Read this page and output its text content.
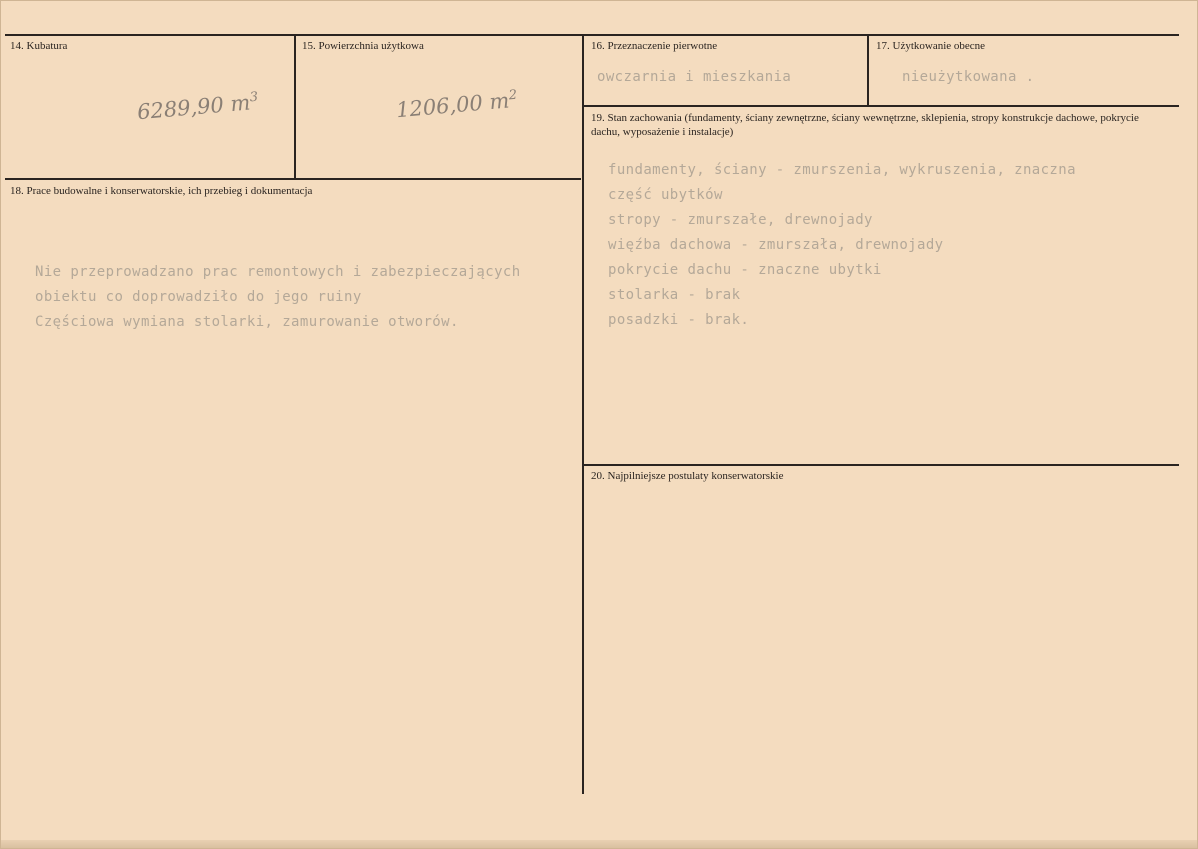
14. Kubatura
6289,90 $m^3$
15. Powierzchnia użytkowa
1206,00 $m^2$
16. Przeznaczenie pierwotne
owczarnia i mieszkania
17. Użytkowanie obecne
nieużytkowana .
18. Prace budowalne i konserwatorskie, ich przebieg i dokumentacja
Nie przeprowadzano prac remontowych i zabezpieczających
obiektu co doprowadziło do jego ruiny
Częściowa wymiana stolarki, zamurowanie otworów.
19. Stan zachowania (fundamenty, ściany zewnętrzne, ściany wewnętrzne, sklepienia, stropy konstrukcje dachowe, pokrycie dachu, wyposażenie i instalacje)
fundamenty, ściany - zmurszenia, wykruszenia, znaczna
część ubytków
stropy - zmurszałe, drewnojady
więźba dachowa - zmurszała, drewnojady
pokrycie dachu - znaczne ubytki
stolarka - brak
posadzki - brak.
20. Najpilniejsze postulaty konserwatorskie
